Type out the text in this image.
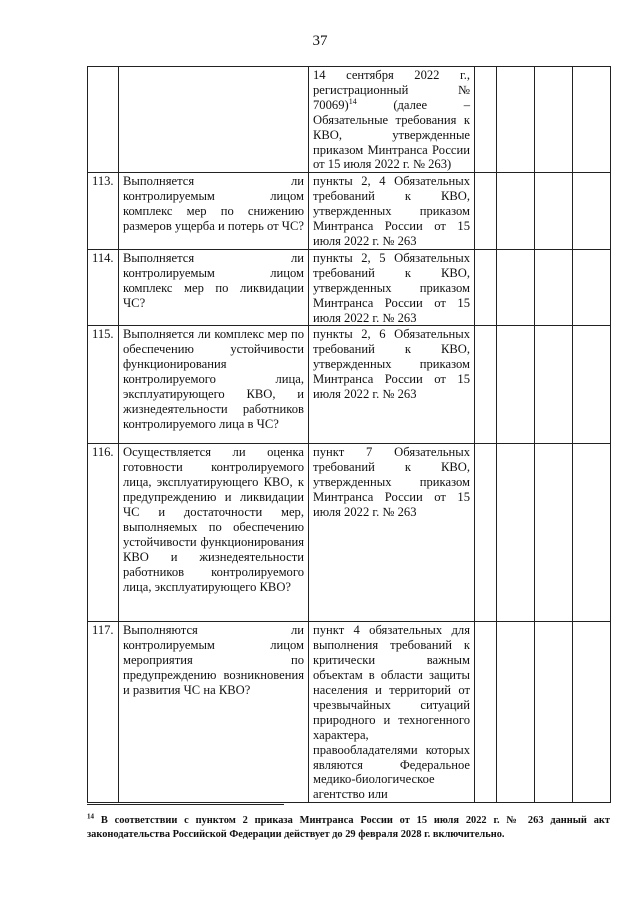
37
		14 сентября 2022 г., регистрационный № 70069)$^{14}$ (далее – Обязательные требования к КВО, утвержденные приказом Минтранса России от 15 июля 2022 г. № 263)				
113.	Выполняется ли контролируемым лицом комплекс мер по снижению размеров ущерба и потерь от ЧС?	пункты 2, 4 Обязательных требований к КВО, утвержденных приказом Минтранса России от 15 июля 2022 г. № 263				
114.	Выполняется ли контролируемым лицом комплекс мер по ликвидации ЧС?	пункты 2, 5 Обязательных требований к КВО, утвержденных приказом Минтранса России от 15 июля 2022 г. № 263				
115.	Выполняется ли комплекс мер по обеспечению устойчивости функционирования контролируемого лица, эксплуатирующего КВО, и жизнедеятельности работников контролируемого лица в ЧС?	пункты 2, 6 Обязательных требований к КВО, утвержденных приказом Минтранса России от 15 июля 2022 г. № 263				
116.	Осуществляется ли оценка готовности контролируемого лица, эксплуатирующего КВО, к предупреждению и ликвидации ЧС и достаточности мер, выполняемых по обеспечению устойчивости функционирования КВО и жизнедеятельности работников контролируемого лица, эксплуатирующего КВО?	пункт 7 Обязательных требований к КВО, утвержденных приказом Минтранса России от 15 июля 2022 г. № 263				
117.	Выполняются ли контролируемым лицом мероприятия по предупреждению возникновения и развития ЧС на КВО?	пункт 4 обязательных для выполнения требований к критически важным объектам в области защиты населения и территорий от чрезвычайных ситуаций природного и техногенного характера, правообладателями которых являются Федеральное медико-биологическое агентство или				
$^{14}$ В соответствии с пунктом 2 приказа Минтранса России от 15 июля 2022 г. № 263 данный акт законодательства Российской Федерации действует до 29 февраля 2028 г. включительно.
